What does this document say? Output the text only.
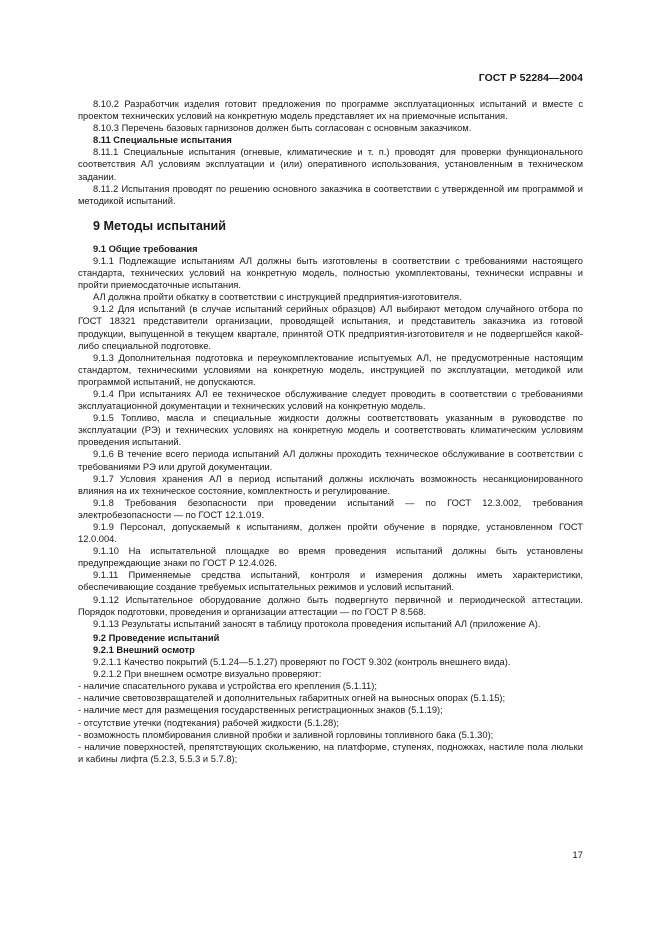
ГОСТ Р 52284—2004

8.10.2 Разработчик изделия готовит предложения по программе эксплуатационных испытаний и вместе с проектом технических условий на конкретную модель представляет их на приемочные испытания.

8.10.3 Перечень базовых гарнизонов должен быть согласован с основным заказчиком.

8.11 Специальные испытания

8.11.1 Специальные испытания (огневые, климатические и т. п.) проводят для проверки функционального соответствия АЛ условиям эксплуатации и (или) оперативного использования, установленным в техническом задании.

8.11.2 Испытания проводят по решению основного заказчика в соответствии с утвержденной им программой и методикой испытаний.

9 Методы испытаний
9.1 Общие требования

9.1.1 Подлежащие испытаниям АЛ должны быть изготовлены в соответствии с требованиями настоящего стандарта, технических условий на конкретную модель, полностью укомплектованы, технически исправны и пройти приемосдаточные испытания.

АЛ должна пройти обкатку в соответствии с инструкцией предприятия-изготовителя.

9.1.2 Для испытаний (в случае испытаний серийных образцов) АЛ выбирают методом случайного отбора по ГОСТ 18321 представители организации, проводящей испытания, и представитель заказчика из готовой продукции, выпущенной в текущем квартале, принятой ОТК предприятия-изготовителя и не подвергшейся какой-либо специальной подготовке.

9.1.3 Дополнительная подготовка и переукомплектование испытуемых АЛ, не предусмотренные настоящим стандартом, техническими условиями на конкретную модель, инструкцией по эксплуатации, методикой или программой испытаний, не допускаются.

9.1.4 При испытаниях АЛ ее техническое обслуживание следует проводить в соответствии с требованиями эксплуатационной документации и технических условий на конкретную модель.

9.1.5 Топливо, масла и специальные жидкости должны соответствовать указанным в руководстве по эксплуатации (РЭ) и технических условиях на конкретную модель и соответствовать климатическим условиям проведения испытаний.

9.1.6 В течение всего периода испытаний АЛ должны проходить техническое обслуживание в соответствии с требованиями РЭ или другой документации.

9.1.7 Условия хранения АЛ в период испытаний должны исключать возможность несанкционированного влияния на их техническое состояние, комплектность и регулирование.

9.1.8 Требования безопасности при проведении испытаний — по ГОСТ 12.3.002, требования электробезопасности — по ГОСТ 12.1.019.

9.1.9 Персонал, допускаемый к испытаниям, должен пройти обучение в порядке, установленном ГОСТ 12.0.004.

9.1.10 На испытательной площадке во время проведения испытаний должны быть установлены предупреждающие знаки по ГОСТ Р 12.4.026.

9.1.11 Применяемые средства испытаний, контроля и измерения должны иметь характеристики, обеспечивающие создание требуемых испытательных режимов и условий испытаний.

9.1.12 Испытательное оборудование должно быть подвергнуто первичной и периодической аттестации. Порядок подготовки, проведения и организации аттестации — по ГОСТ Р 8.568.

9.1.13 Результаты испытаний заносят в таблицу протокола проведения испытаний АЛ (приложение А).

9.2 Проведение испытаний
9.2.1 Внешний осмотр

9.2.1.1 Качество покрытий (5.1.24—5.1.27) проверяют по ГОСТ 9.302 (контроль внешнего вида).

9.2.1.2 При внешнем осмотре визуально проверяют:

- наличие спасательного рукава и устройства его крепления (5.1.11);

- наличие световозвращателей и дополнительных габаритных огней на выносных опорах (5.1.15);

- наличие мест для размещения государственных регистрационных знаков (5.1.19);

- отсутствие утечки (подтекания) рабочей жидкости (5.1.28);

- возможность пломбирования сливной пробки и заливной горловины топливного бака (5.1.30);

- наличие поверхностей, препятствующих скольжению, на платформе, ступенях, подножках, настиле пола люльки и кабины лифта (5.2.3, 5.5.3 и 5.7.8);

17
